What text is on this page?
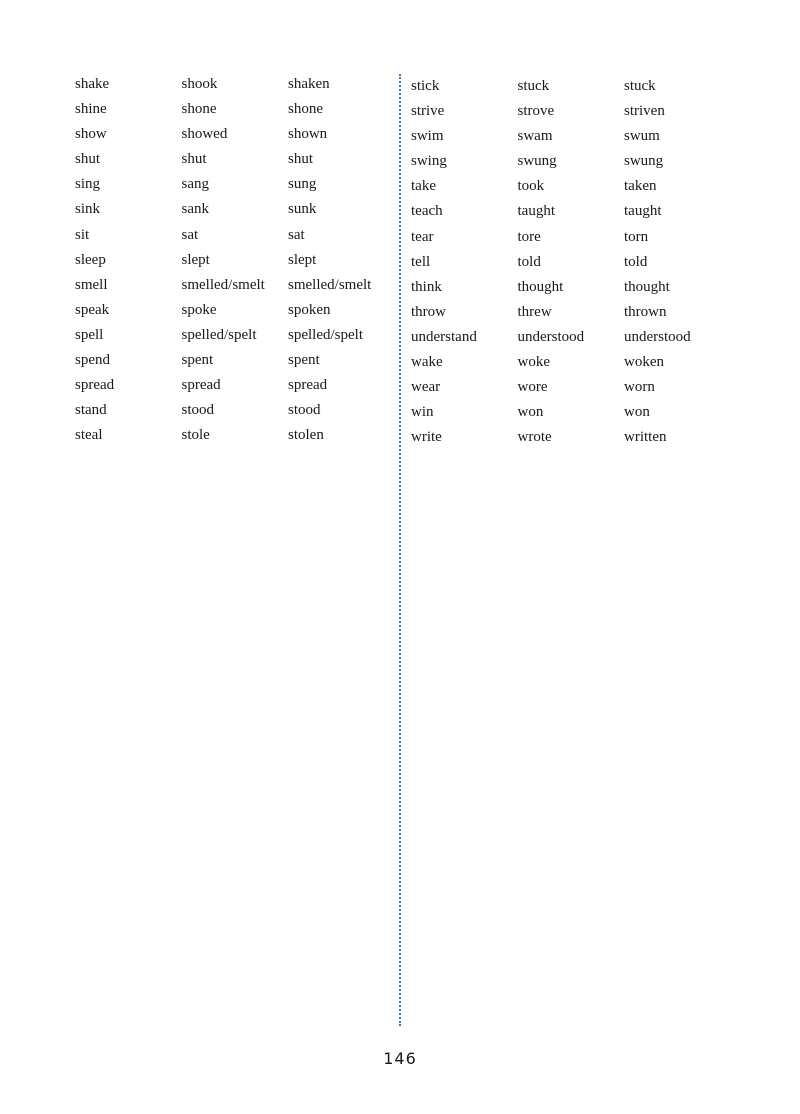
shake	shook	shaken
shine	shone	shone
show	showed	shown
shut	shut	shut
sing	sang	sung
sink	sank	sunk
sit	sat	sat
sleep	slept	slept
smell	smelled/smelt	smelled/smelt
speak	spoke	spoken
spell	spelled/spelt	spelled/spelt
spend	spent	spent
spread	spread	spread
stand	stood	stood
steal	stole	stolen
stick	stuck	stuck
strive	strove	striven
swim	swam	swum
swing	swung	swung
take	took	taken
teach	taught	taught
tear	tore	torn
tell	told	told
think	thought	thought
throw	threw	thrown
understand	understood	understood
wake	woke	woken
wear	wore	worn
win	won	won
write	wrote	written
146
